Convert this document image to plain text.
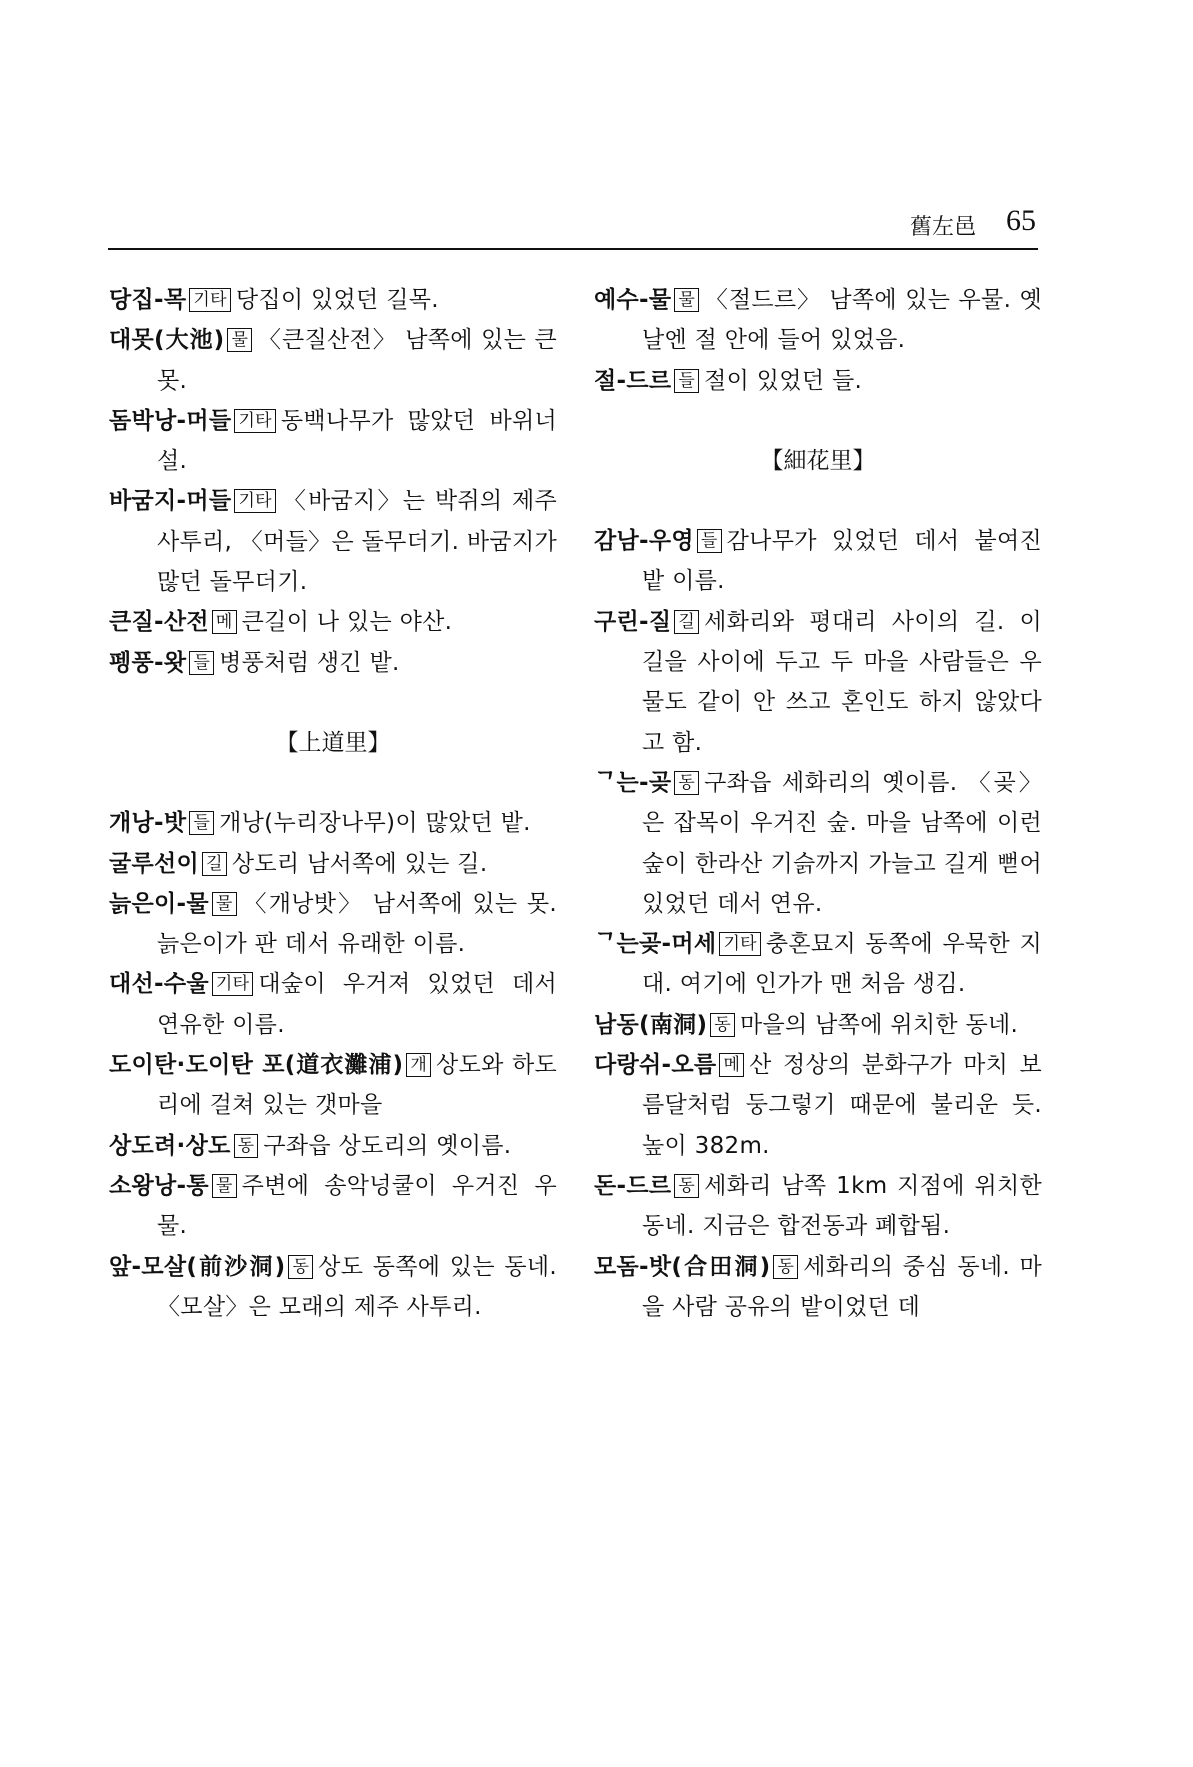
舊左邑 65
당집-목 기타 당집이 있었던 길목.
대못(大池) 물 〈큰질산전〉 남쪽에 있는 큰 못.
돔박낭-머들 기타 동백나무가 많았던 바위너설.
바굼지-머들 기타 〈바굼지〉는 박쥐의 제주 사투리, 〈머들〉은 돌무더기. 바굼지가 많던 돌무더기.
큰질-산전 메 큰길이 나 있는 야산.
펭풍-왓 들 병풍처럼 생긴 밭.
【上道里】
개낭-밧 들 개낭(누리장나무)이 많았던 밭.
굴루선이 길 상도리 남서쪽에 있는 길.
늙은이-물 물 〈개낭밧〉 남서쪽에 있는 못. 늙은이가 판 데서 유래한 이름.
대선-수울 기타 대숲이 우거져 있었던 데서 연유한 이름.
도이탄·도이탄 포(道衣灘浦) 개 상도와 하도리에 걸쳐 있는 갯마을
상도려·상도 동 구좌읍 상도리의 옛이름.
소왕낭-통 물 주변에 송악넝쿨이 우거진 우물.
앞-모살(前沙洞) 동 상도 동쪽에 있는 동네. 〈모살〉은 모래의 제주 사투리.
예수-물 물 〈절드르〉 남쪽에 있는 우물. 옛날엔 절 안에 들어 있었음.
절-드르 들 절이 있었던 들.
【細花里】
감남-우영 들 감나무가 있었던 데서 붙여진 밭 이름.
구린-질 길 세화리와 평대리 사이의 길. 이 길을 사이에 두고 두 마을 사람들은 우물도 같이 안 쓰고 혼인도 하지 않았다고 함.
ᄀ는-곶 동 구좌읍 세화리의 옛이름. 〈곶〉은 잡목이 우거진 숲. 마을 남쪽에 이런 숲이 한라산 기슭까지 가늘고 길게 뻗어 있었던 데서 연유.
ᄀ는곶-머세 기타 충혼묘지 동쪽에 우묵한 지대. 여기에 인가가 맨 처음 생김.
남동(南洞) 동 마을의 남쪽에 위치한 동네.
다랑쉬-오름 메 산 정상의 분화구가 마치 보름달처럼 둥그렇기 때문에 불리운 듯. 높이 382m.
돈-드르 동 세화리 남쪽 1km 지점에 위치한 동네. 지금은 합전동과 폐합됨.
모돔-밧(合田洞) 동 세화리의 중심 동네. 마을 사람 공유의 밭이었던 데
